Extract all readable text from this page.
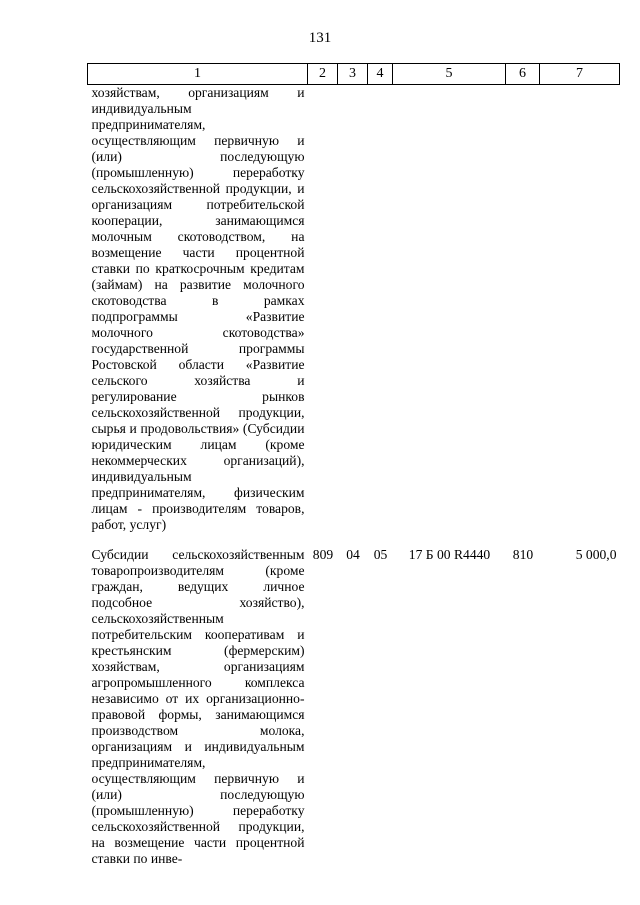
131
1	2	3	4	5	6	7
хозяйствам, организациям и индивидуальным предпринимателям, осуществляющим первичную и (или) последующую (промышленную) переработку сельскохозяйственной продукции, и организациям потребительской кооперации, занимающимся молочным скотоводством, на возмещение части процентной ставки по краткосрочным кредитам (займам) на развитие молочного скотоводства в рамках подпрограммы «Развитие молочного скотоводства» государственной программы Ростовской области «Развитие сельского хозяйства и регулирование рынков сельскохозяйственной продукции, сырья и продовольствия» (Субсидии юридическим лицам (кроме некоммерческих организаций), индивидуальным предпринимателям, физическим лицам - производителям товаров, работ, услуг)						

Субсидии сельскохозяйственным товаропроизводителям (кроме граждан, ведущих личное подсобное хозяйство), сельскохозяйственным потребительским кооперативам и крестьянским (фермерским) хозяйствам, организациям агропромышленного комплекса независимо от их организационно-правовой формы, занимающимся производством молока, организациям и индивидуальным предпринимателям, осуществляющим первичную и (или) последующую (промышленную) переработку сельскохозяйственной продукции, на возмещение части процентной ставки по инве-	809	04	05	17 Б 00 R4440	810	5 000,0
